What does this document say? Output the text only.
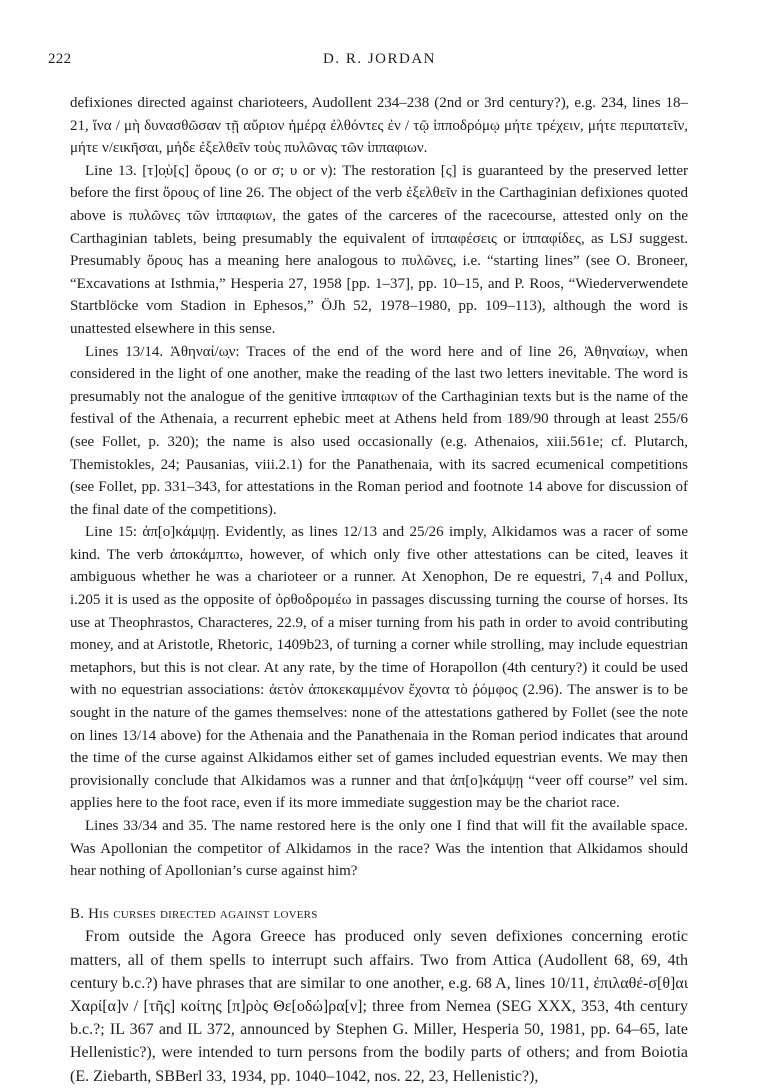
222	D. R. JORDAN

defixiones directed against charioteers, Audollent 234–238 (2nd or 3rd century?), e.g. 234, lines 18–21, ἵνα / μὴ δυνασθῶσαν τῇ αὔριον ἡμέρᾳ ἐλθόντες ἐν / τῷ ἱπποδρόμῳ μήτε τρέχειν, μήτε περιπατεῖν, μήτε ν/εικῆσαι, μήδε ἐξελθεῖν τοὺς πυλῶνας τῶν ἱππαφιων.

Line 13. [τ]ο̣ὺ[ς] ὅρους (ο or σ; υ or ν): The restoration [ς] is guaranteed by the preserved letter before the first ὅρους of line 26. The object of the verb ἐξελθεῖν in the Carthaginian defixiones quoted above is πυλῶνες τῶν ἱππαφιων, the gates of the carceres of the racecourse, attested only on the Carthaginian tablets, being presumably the equivalent of ἱππαφέσεις or ἱππαφίδες, as LSJ suggest. Presumably ὅρους has a meaning here analogous to πυλῶνες, i.e. “starting lines” (see O. Broneer, “Excavations at Isthmia,” Hesperia 27, 1958 [pp. 1–37], pp. 10–15, and P. Roos, “Wiederverwendete Startblöcke vom Stadion in Ephesos,” ÖJh 52, 1978–1980, pp. 109–113), although the word is unattested elsewhere in this sense.

Lines 13/14. Ἀθηναί/ω̣ν: Traces of the end of the word here and of line 26, Ἀθηναίω̣ν, when considered in the light of one another, make the reading of the last two letters inevitable. The word is presumably not the analogue of the genitive ἱππαφιων of the Carthaginian texts but is the name of the festival of the Athenaia, a recurrent ephebic meet at Athens held from 189/90 through at least 255/6 (see Follet, p. 320); the name is also used occasionally (e.g. Athenaios, xiii.561e; cf. Plutarch, Themistokles, 24; Pausanias, viii.2.1) for the Panathenaia, with its sacred ecumenical competitions (see Follet, pp. 331–343, for attestations in the Roman period and footnote 14 above for discussion of the final date of the competitions).

Line 15: ἀπ[ο]κάμψῃ. Evidently, as lines 12/13 and 25/26 imply, Alkidamos was a racer of some kind. The verb ἀποκάμπτω, however, of which only five other attestations can be cited, leaves it ambiguous whether he was a charioteer or a runner. At Xenophon, De re equestri, 7₁4 and Pollux, i.205 it is used as the opposite of ὀρθοδρομέω in passages discussing turning the course of horses. Its use at Theophrastos, Characteres, 22.9, of a miser turning from his path in order to avoid contributing money, and at Aristotle, Rhetoric, 1409b23, of turning a corner while strolling, may include equestrian metaphors, but this is not clear. At any rate, by the time of Horapollon (4th century?) it could be used with no equestrian associations: ἀετὸν ἀποκεκαμμένον ἔχοντα τὸ ῥόμφος (2.96). The answer is to be sought in the nature of the games themselves: none of the attestations gathered by Follet (see the note on lines 13/14 above) for the Athenaia and the Panathenaia in the Roman period indicates that around the time of the curse against Alkidamos either set of games included equestrian events. We may then provisionally conclude that Alkidamos was a runner and that ἀπ[ο]κάμψῃ “veer off course” vel sim. applies here to the foot race, even if its more immediate suggestion may be the chariot race.

Lines 33/34 and 35. The name restored here is the only one I find that will fit the available space. Was Apollonian the competitor of Alkidamos in the race? Was the intention that Alkidamos should hear nothing of Apollonian’s curse against him?

B. His curses directed against lovers

From outside the Agora Greece has produced only seven defixiones concerning erotic matters, all of them spells to interrupt such affairs. Two from Attica (Audollent 68, 69, 4th century b.c.?) have phrases that are similar to one another, e.g. 68 A, lines 10/11, ἐπιλαθέ-σ[θ]αι Χαρί[α]ν / [τῆς] κοίτης [π]ρὸς Θε[οδώ]ρα[ν]; three from Nemea (SEG XXX, 353, 4th century b.c.?; IL 367 and IL 372, announced by Stephen G. Miller, Hesperia 50, 1981, pp. 64–65, late Hellenistic?), were intended to turn persons from the bodily parts of others; and from Boiotia (E. Ziebarth, SBBerl 33, 1934, pp. 1040–1042, nos. 22, 23, Hellenistic?),
